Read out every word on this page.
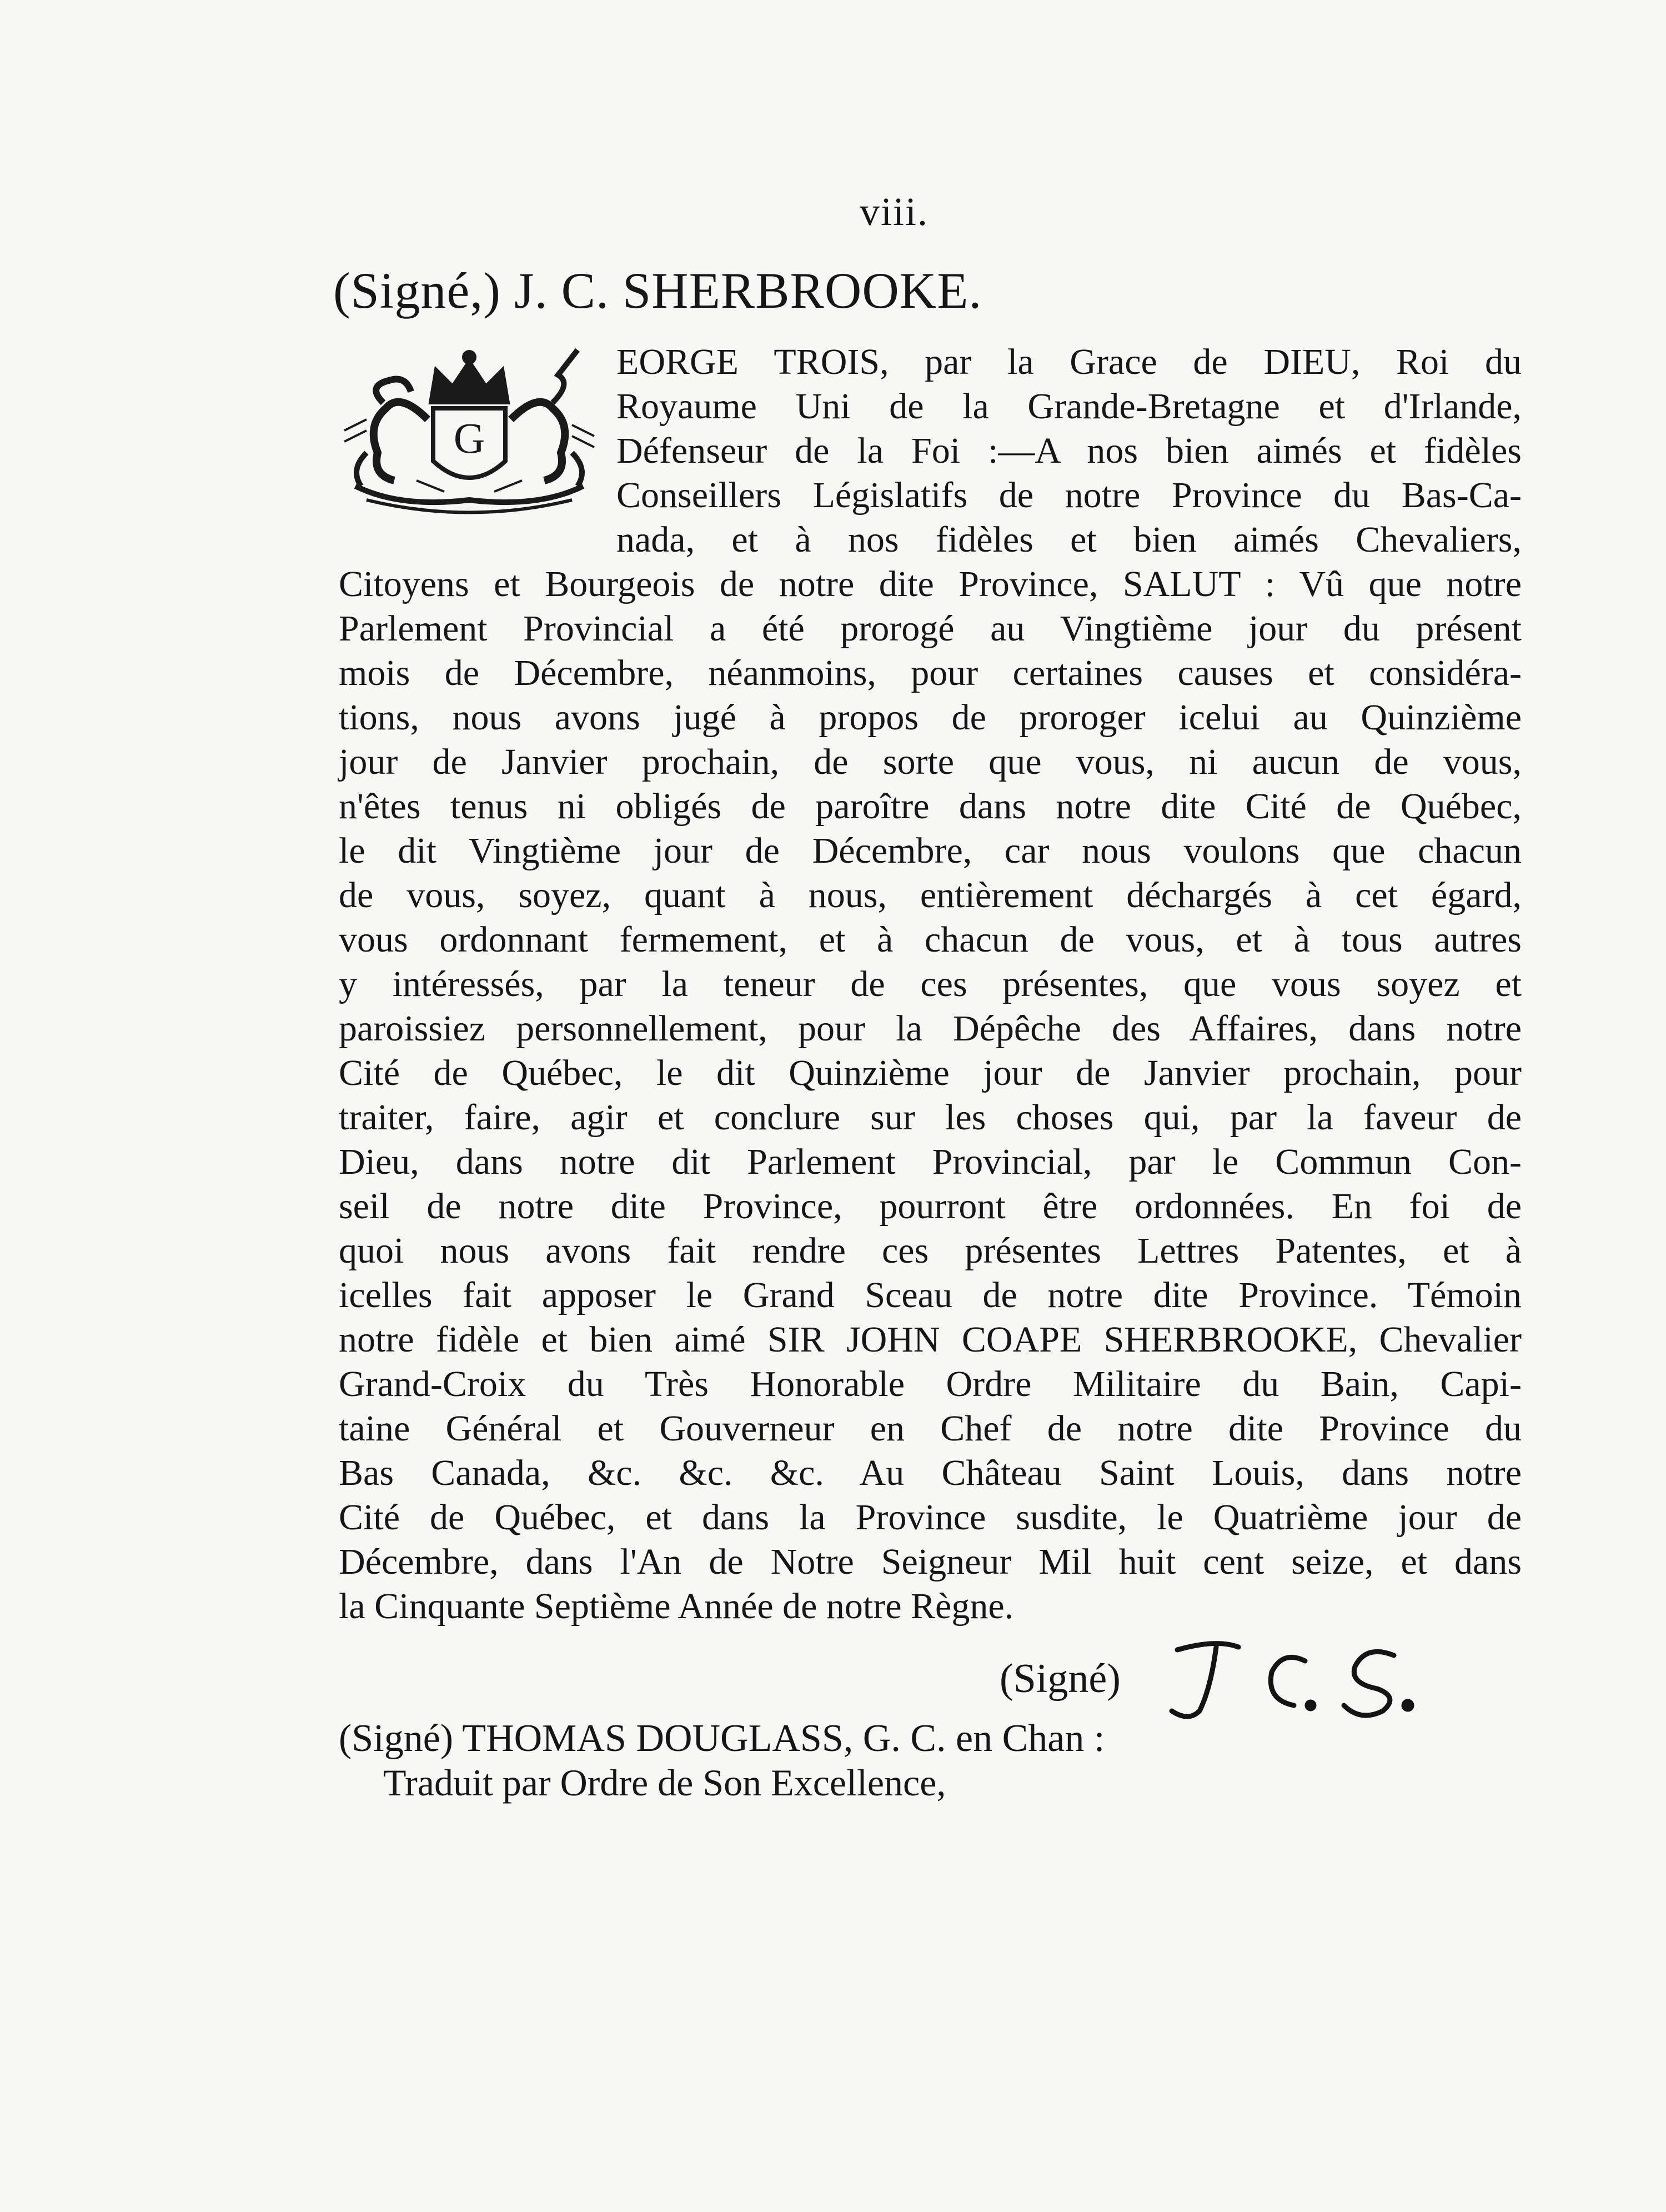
viii.
(Signé,) J. C. SHERBROOKE.
G
EORGE TROIS, par la Grace de DIEU, Roi du
Royaume Uni de la Grande-Bretagne et d'Irlande,
Défenseur de la Foi :—A nos bien aimés et fidèles
Conseillers Législatifs de notre Province du Bas-Ca-
nada, et à nos fidèles et bien aimés Chevaliers,
Citoyens et Bourgeois de notre dite Province, SALUT : Vû que notre
Parlement Provincial a été prorogé au Vingtième jour du présent
mois de Décembre, néanmoins, pour certaines causes et considéra-
tions, nous avons jugé à propos de proroger icelui au Quinzième
jour de Janvier prochain, de sorte que vous, ni aucun de vous,
n'êtes tenus ni obligés de paroître dans notre dite Cité de Québec,
le dit Vingtième jour de Décembre, car nous voulons que chacun
de vous, soyez, quant à nous, entièrement déchargés à cet égard,
vous ordonnant fermement, et à chacun de vous, et à tous autres
y intéressés, par la teneur de ces présentes, que vous soyez et
paroissiez personnellement, pour la Dépêche des Affaires, dans notre
Cité de Québec, le dit Quinzième jour de Janvier prochain, pour
traiter, faire, agir et conclure sur les choses qui, par la faveur de
Dieu, dans notre dit Parlement Provincial, par le Commun Con-
seil de notre dite Province, pourront être ordonnées. En foi de
quoi nous avons fait rendre ces présentes Lettres Patentes, et à
icelles fait apposer le Grand Sceau de notre dite Province. Témoin
notre fidèle et bien aimé SIR JOHN COAPE SHERBROOKE, Chevalier
Grand-Croix du Très Honorable Ordre Militaire du Bain, Capi-
taine Général et Gouverneur en Chef de notre dite Province du
Bas Canada, &c. &c. &c. Au Château Saint Louis, dans notre
Cité de Québec, et dans la Province susdite, le Quatrième jour de
Décembre, dans l'An de Notre Seigneur Mil huit cent seize, et dans
la Cinquante Septième Année de notre Règne.
(Signé)
(Signé) THOMAS DOUGLASS, G. C. en Chan :
Traduit par Ordre de Son Excellence,
